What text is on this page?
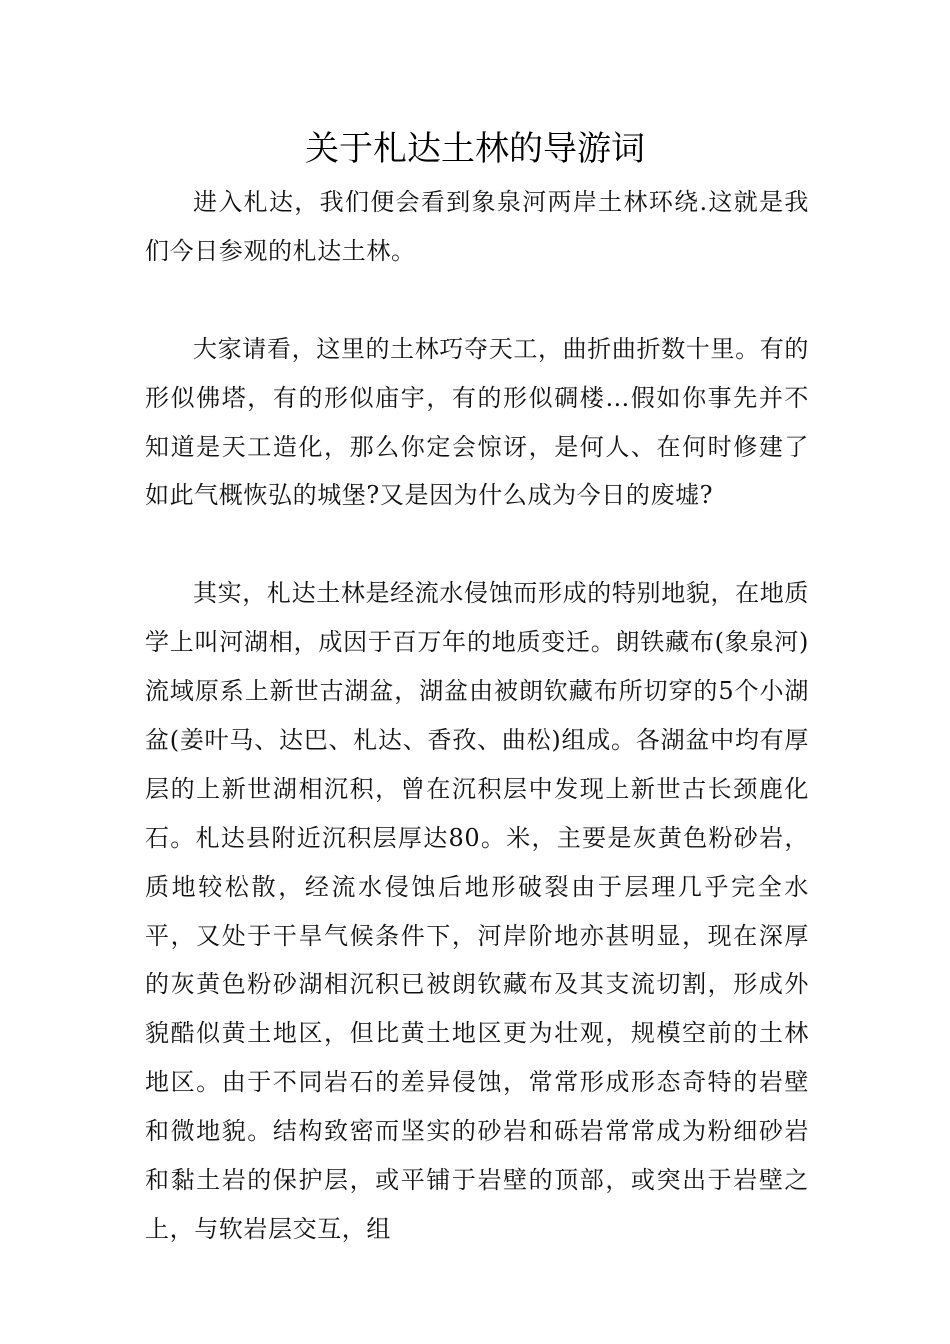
关于札达土林的导游词

进入札达，我们便会看到象泉河两岸土林环绕.这就是我们今日参观的札达土林。

大家请看，这里的土林巧夺天工，曲折曲折数十里。有的形似佛塔，有的形似庙宇，有的形似碉楼…假如你事先并不知道是天工造化，那么你定会惊讶，是何人、在何时修建了如此气概恢弘的城堡?又是因为什么成为今日的废墟?

其实，札达土林是经流水侵蚀而形成的特别地貌，在地质学上叫河湖相，成因于百万年的地质变迁。朗铁藏布(象泉河)流域原系上新世古湖盆，湖盆由被朗钦藏布所切穿的5个小湖盆(姜叶马、达巴、札达、香孜、曲松)组成。各湖盆中均有厚层的上新世湖相沉积，曾在沉积层中发现上新世古长颈鹿化石。札达县附近沉积层厚达80。米，主要是灰黄色粉砂岩，质地较松散，经流水侵蚀后地形破裂由于层理几乎完全水平，又处于干旱气候条件下，河岸阶地亦甚明显，现在深厚的灰黄色粉砂湖相沉积已被朗钦藏布及其支流切割，形成外貌酷似黄土地区，但比黄土地区更为壮观，规模空前的土林地区。由于不同岩石的差异侵蚀，常常形成形态奇特的岩壁和微地貌。结构致密而坚实的砂岩和砾岩常常成为粉细砂岩和黏土岩的保护层，或平铺于岩壁的顶部，或突出于岩壁之上，与软岩层交互，组
